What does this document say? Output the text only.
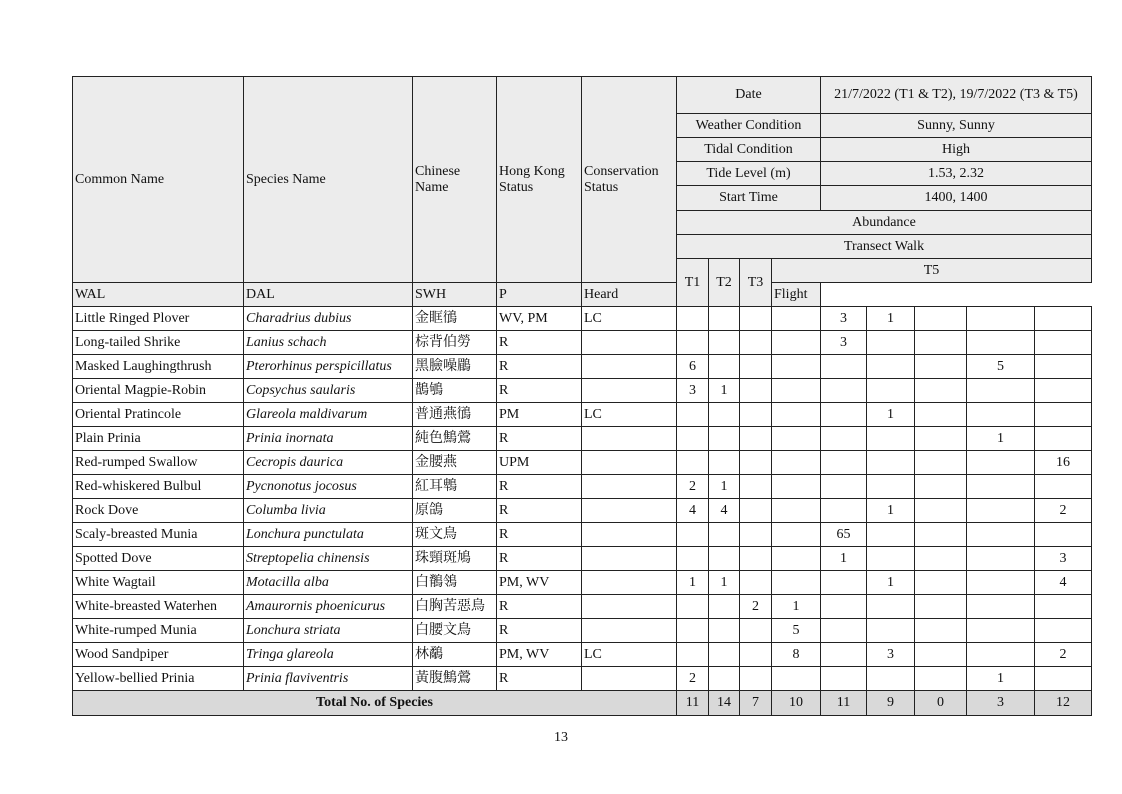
Common Name	Species Name	Chinese Name	Hong Kong Status	Conservation Status	Date				21/7/2022 (T1 & T2), 19/7/2022 (T3 & T5)				
					Weather Condition				Sunny, Sunny				
					Tidal Condition				High				
					Tide Level (m)				1.53, 2.32				
					Start Time				1400, 1400				
					Abundance								
					Transect Walk								
					T1	T2	T3	T5					
WAL	DAL	SWH	P	Heard				Flight					
Little Ringed Plover	Charadrius dubius	金眶鴴	WV, PM	LC					3	1			
Long-tailed Shrike	Lanius schach	棕背伯勞	R						3				
Masked Laughingthrush	Pterorhinus perspicillatus	黑臉噪鶥	R		6							5	
Oriental Magpie-Robin	Copsychus saularis	鵲鴝	R		3	1							
Oriental Pratincole	Glareola maldivarum	普通燕鴴	PM	LC						1			
Plain Prinia	Prinia inornata	純色鷦鶯	R									1	
Red-rumped Swallow	Cecropis daurica	金腰燕	UPM										16
Red-whiskered Bulbul	Pycnonotus jocosus	紅耳鵯	R		2	1							
Rock Dove	Columba livia	原鴿	R		4	4				1			2
Scaly-breasted Munia	Lonchura punctulata	斑文鳥	R						65				
Spotted Dove	Streptopelia chinensis	珠頸斑鳩	R						1				3
White Wagtail	Motacilla alba	白鶺鴒	PM, WV		1	1				1			4
White-breasted Waterhen	Amaurornis phoenicurus	白胸苦惡鳥	R				2	1					
White-rumped Munia	Lonchura striata	白腰文鳥	R					5					
Wood Sandpiper	Tringa glareola	林鷸	PM, WV	LC				8		3			2
Yellow-bellied Prinia	Prinia flaviventris	黃腹鷦鶯	R		2							1	
Total No. of Species					11	14	7	10	11	9	0	3	12
13
